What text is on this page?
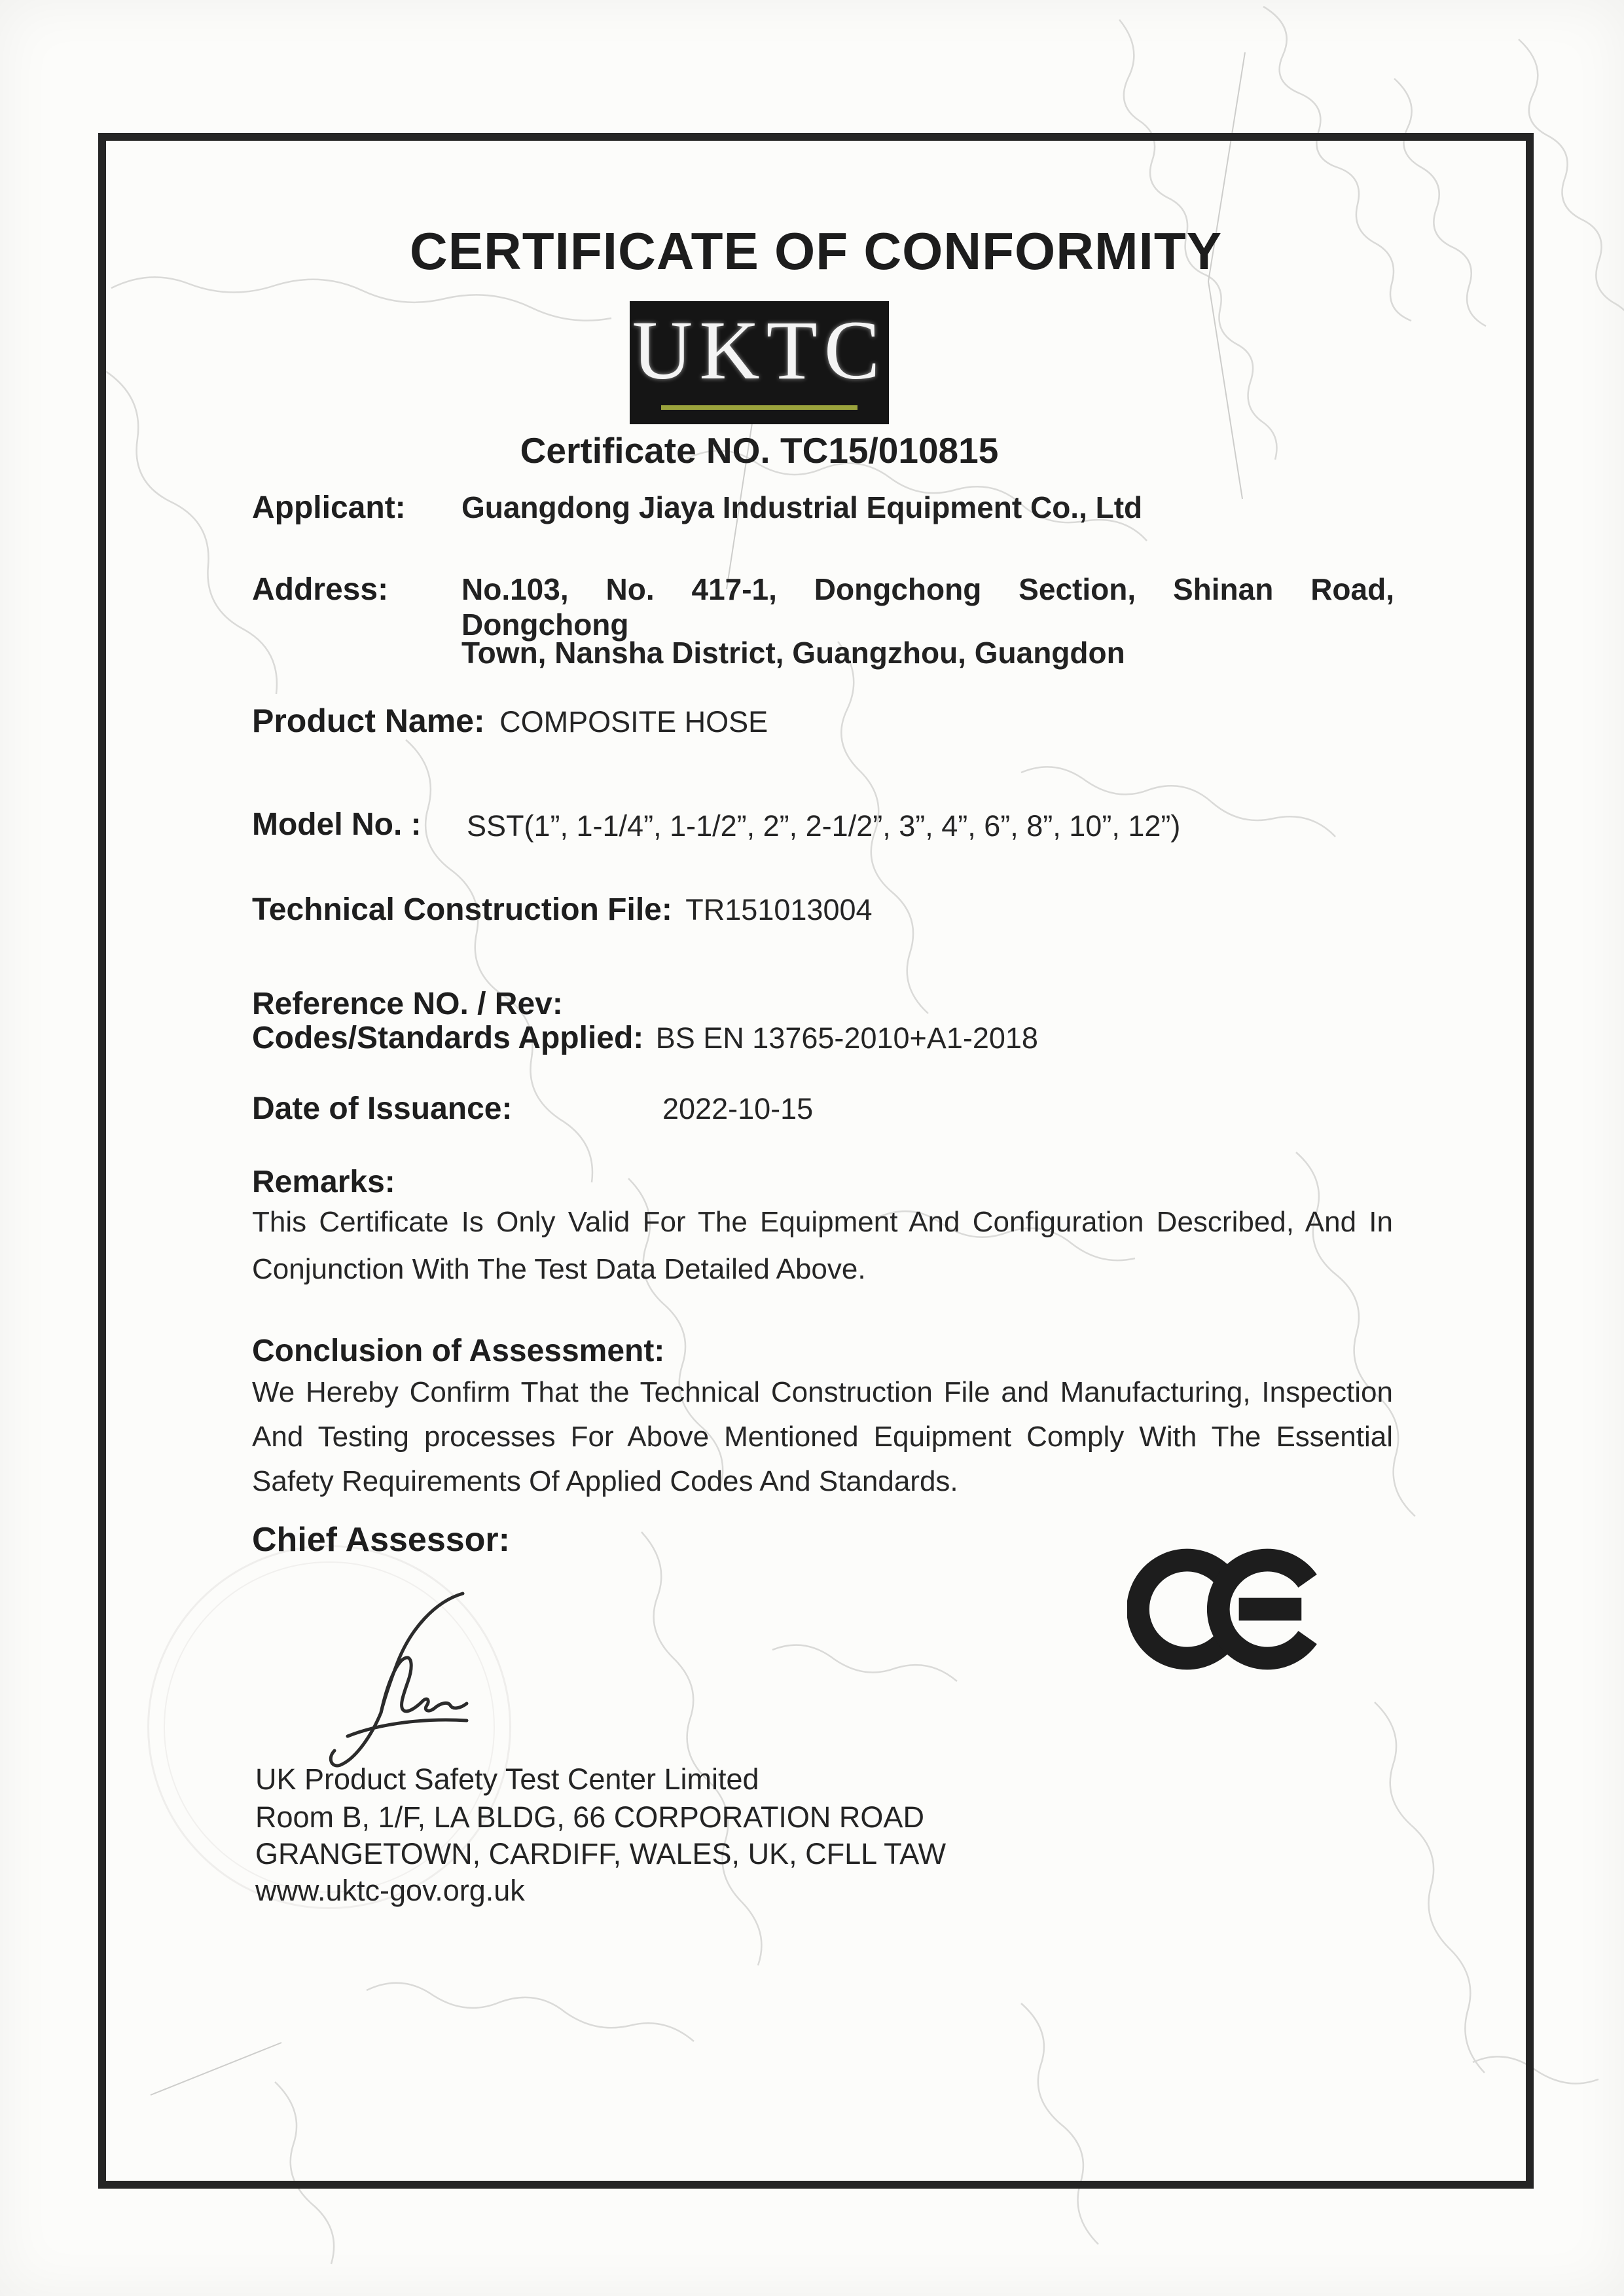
CERTIFICATE OF CONFORMITY
UKTC
Certificate NO. TC15/010815
Applicant: Guangdong Jiaya Industrial Equipment Co., Ltd
Address: No.103, No. 417-1, Dongchong Section, Shinan Road, Dongchong
Town, Nansha District, Guangzhou, Guangdon
Product Name: COMPOSITE HOSE
Model No. : SST(1”, 1-1/4”, 1-1/2”, 2”, 2-1/2”, 3”, 4”, 6”, 8”, 10”, 12”)
Technical Construction File: TR151013004
Reference NO. / Rev:
Codes/Standards Applied: BS EN 13765-2010+A1-2018
Date of Issuance:	2022-10-15
Remarks:
This Certificate Is Only Valid For The Equipment And Configuration Described, And In
Conjunction With The Test Data Detailed Above.
Conclusion of Assessment:
We Hereby Confirm That the Technical Construction File and Manufacturing, Inspection
And Testing processes For Above Mentioned Equipment Comply With The Essential
Safety Requirements Of Applied Codes And Standards.
Chief Assessor:
UK Product Safety Test Center Limited
Room B, 1/F, LA BLDG, 66 CORPORATION ROAD
GRANGETOWN, CARDIFF, WALES, UK, CFLL TAW
www.uktc-gov.org.uk
